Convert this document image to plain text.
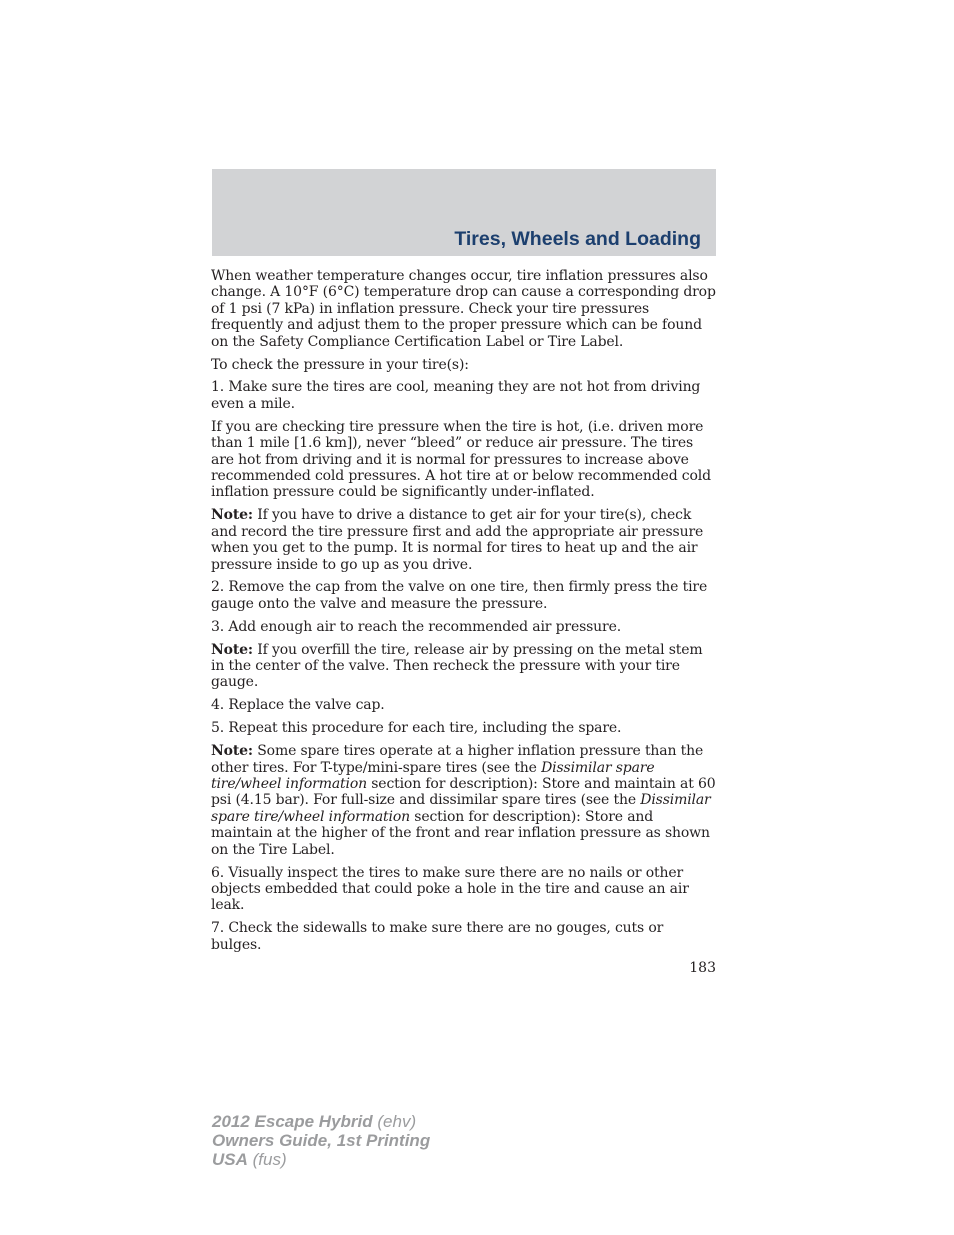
Tires, Wheels and Loading

When weather temperature changes occur, tire inflation pressures also change. A 10°F (6°C) temperature drop can cause a corresponding drop of 1 psi (7 kPa) in inflation pressure. Check your tire pressures frequently and adjust them to the proper pressure which can be found on the Safety Compliance Certification Label or Tire Label.

To check the pressure in your tire(s):

1. Make sure the tires are cool, meaning they are not hot from driving even a mile.

If you are checking tire pressure when the tire is hot, (i.e. driven more than 1 mile [1.6 km]), never “bleed” or reduce air pressure. The tires are hot from driving and it is normal for pressures to increase above recommended cold pressures. A hot tire at or below recommended cold inflation pressure could be significantly under-inflated.

Note: If you have to drive a distance to get air for your tire(s), check and record the tire pressure first and add the appropriate air pressure when you get to the pump. It is normal for tires to heat up and the air pressure inside to go up as you drive.

2. Remove the cap from the valve on one tire, then firmly press the tire gauge onto the valve and measure the pressure.

3. Add enough air to reach the recommended air pressure.

Note: If you overfill the tire, release air by pressing on the metal stem in the center of the valve. Then recheck the pressure with your tire gauge.

4. Replace the valve cap.

5. Repeat this procedure for each tire, including the spare.

Note: Some spare tires operate at a higher inflation pressure than the other tires. For T-type/mini-spare tires (see the Dissimilar spare tire/wheel information section for description): Store and maintain at 60 psi (4.15 bar). For full-size and dissimilar spare tires (see the Dissimilar spare tire/wheel information section for description): Store and maintain at the higher of the front and rear inflation pressure as shown on the Tire Label.

6. Visually inspect the tires to make sure there are no nails or other objects embedded that could poke a hole in the tire and cause an air leak.

7. Check the sidewalls to make sure there are no gouges, cuts or bulges.

183
2012 Escape Hybrid (ehv)
Owners Guide, 1st Printing
USA (fus)
